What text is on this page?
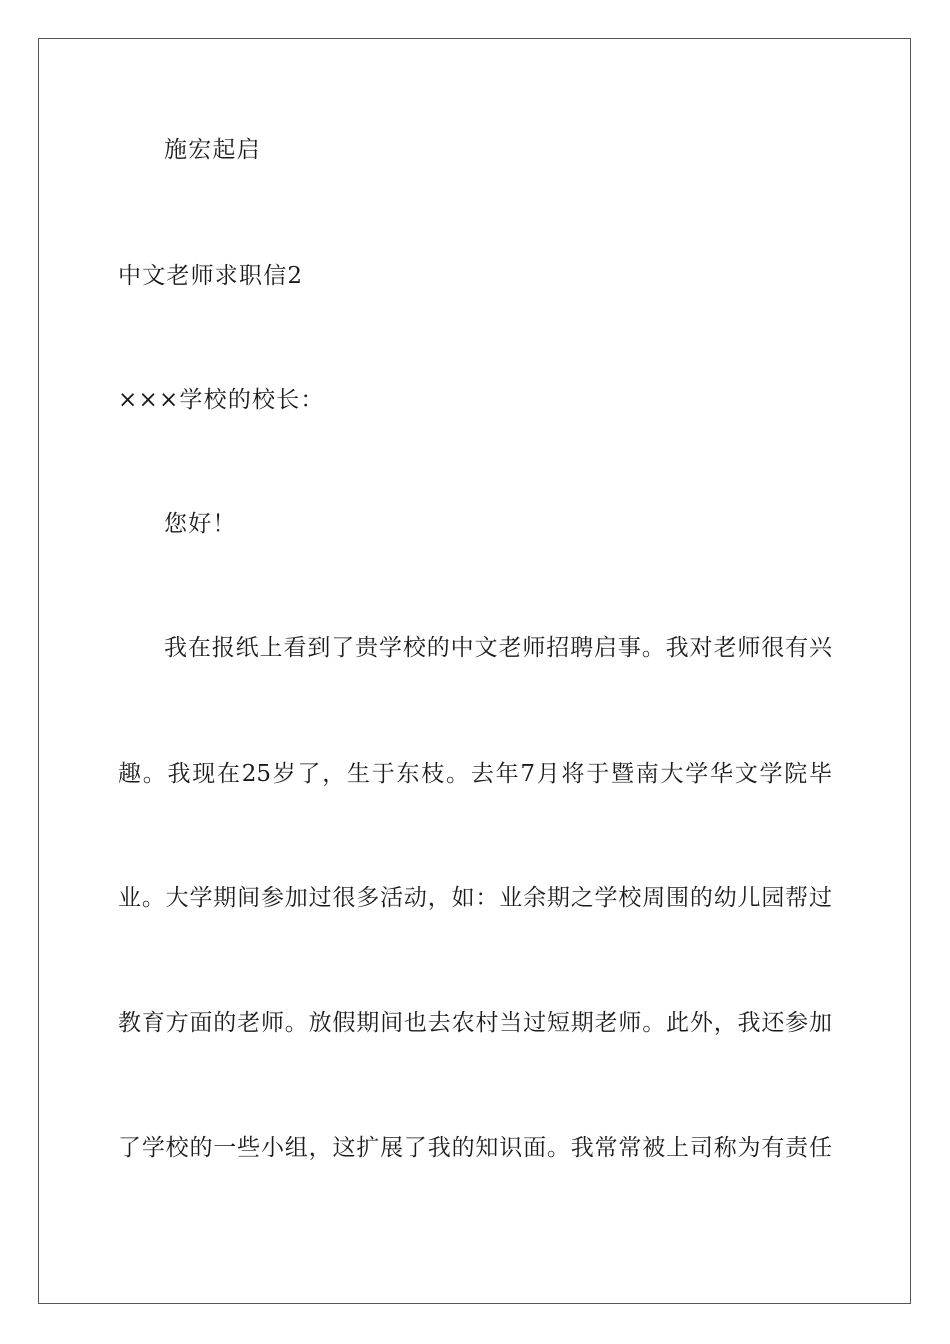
施宏起启
中文老师求职信2
×××学校的校长：
您好！
我在报纸上看到了贵学校的中文老师招聘启事。我对老师很有兴
趣。我现在25岁了，生于东枝。去年7月将于暨南大学华文学院毕
业。大学期间参加过很多活动，如：业余期之学校周围的幼儿园帮过
教育方面的老师。放假期间也去农村当过短期老师。此外，我还参加
了学校的一些小组，这扩展了我的知识面。我常常被上司称为有责任
